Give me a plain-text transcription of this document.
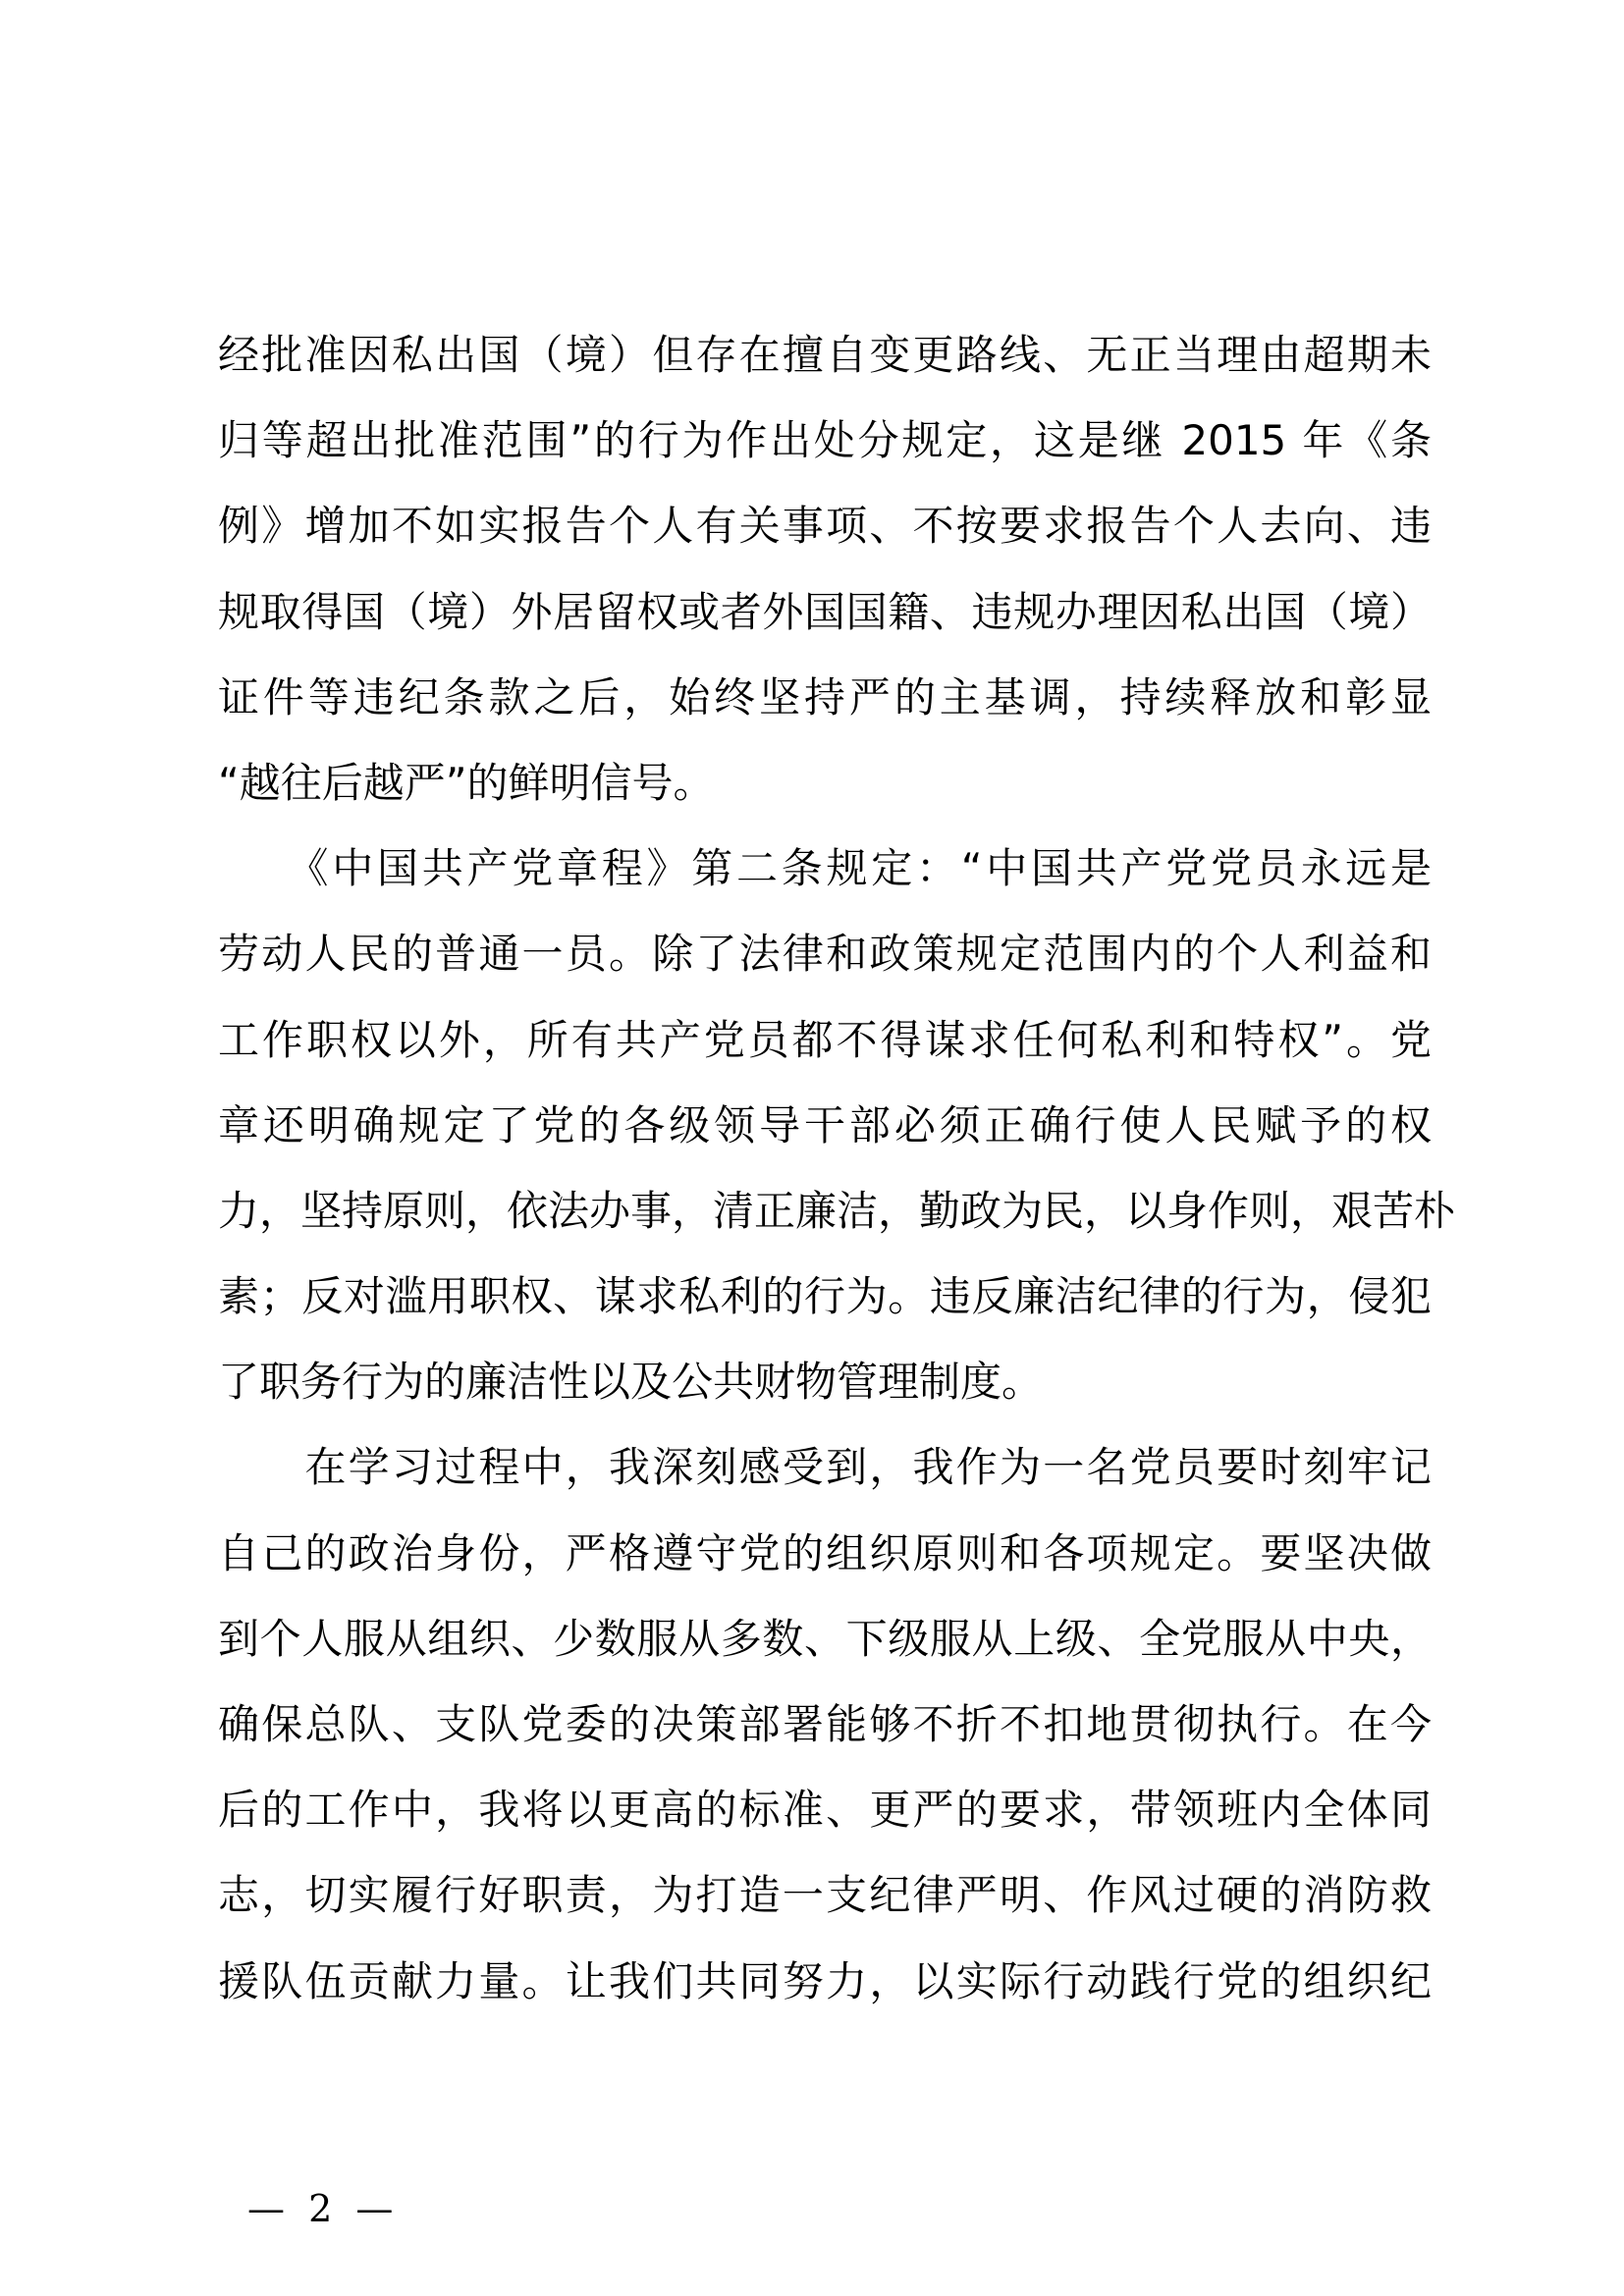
经批准因私出国（境）但存在擅自变更路线、无正当理由超期未
归等超出批准范围”的行为作出处分规定，这是继 2015 年《条
例》增加不如实报告个人有关事项、不按要求报告个人去向、违
规取得国（境）外居留权或者外国国籍、违规办理因私出国（境）
证件等违纪条款之后，始终坚持严的主基调，持续释放和彰显
“越往后越严”的鲜明信号。
　　《中国共产党章程》第二条规定：“中国共产党党员永远是
劳动人民的普通一员。除了法律和政策规定范围内的个人利益和
工作职权以外，所有共产党员都不得谋求任何私利和特权”。党
章还明确规定了党的各级领导干部必须正确行使人民赋予的权
力，坚持原则，依法办事，清正廉洁，勤政为民，以身作则，艰苦朴
素；反对滥用职权、谋求私利的行为。违反廉洁纪律的行为，侵犯
了职务行为的廉洁性以及公共财物管理制度。
　　在学习过程中，我深刻感受到，我作为一名党员要时刻牢记
自己的政治身份，严格遵守党的组织原则和各项规定。要坚决做
到个人服从组织、少数服从多数、下级服从上级、全党服从中央，
确保总队、支队党委的决策部署能够不折不扣地贯彻执行。在今
后的工作中，我将以更高的标准、更严的要求，带领班内全体同
志，切实履行好职责，为打造一支纪律严明、作风过硬的消防救
援队伍贡献力量。让我们共同努力，以实际行动践行党的组织纪
— 2 —
